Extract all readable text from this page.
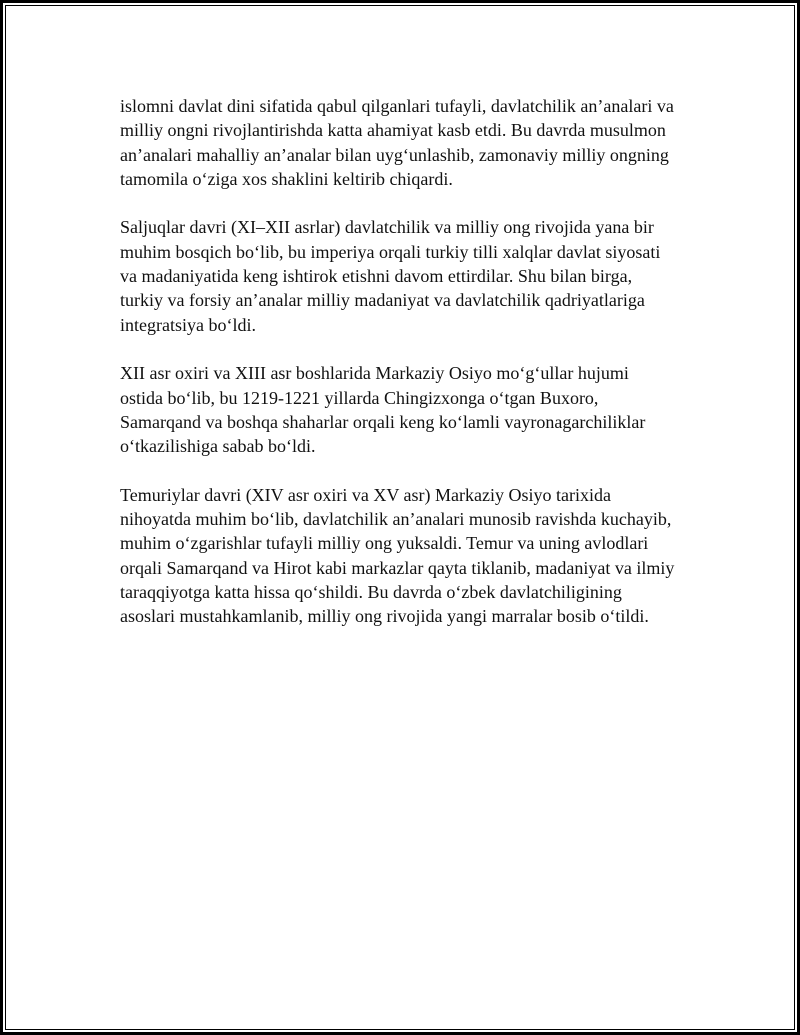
islomni davlat dini sifatida qabul qilganlari tufayli, davlatchilik an’analari va
milliy ongni rivojlantirishda katta ahamiyat kasb etdi. Bu davrda musulmon
an’analari mahalliy an’analar bilan uyg‘unlashib, zamonaviy milliy ongning
tamomila o‘ziga xos shaklini keltirib chiqardi.

Saljuqlar davri (XI–XII asrlar) davlatchilik va milliy ong rivojida yana bir
muhim bosqich bo‘lib, bu imperiya orqali turkiy tilli xalqlar davlat siyosati
va madaniyatida keng ishtirok etishni davom ettirdilar. Shu bilan birga,
turkiy va forsiy an’analar milliy madaniyat va davlatchilik qadriyatlariga
integratsiya bo‘ldi.

XII asr oxiri va XIII asr boshlarida Markaziy Osiyo mo‘g‘ullar hujumi
ostida bo‘lib, bu 1219-1221 yillarda Chingizxonga o‘tgan Buxoro,
Samarqand va boshqa shaharlar orqali keng ko‘lamli vayronagarchiliklar
o‘tkazilishiga sabab bo‘ldi.

Temuriylar davri (XIV asr oxiri va XV asr) Markaziy Osiyo tarixida
nihoyatda muhim bo‘lib, davlatchilik an’analari munosib ravishda kuchayib,
muhim o‘zgarishlar tufayli milliy ong yuksaldi. Temur va uning avlodlari
orqali Samarqand va Hirot kabi markazlar qayta tiklanib, madaniyat va ilmiy
taraqqiyotga katta hissa qo‘shildi. Bu davrda o‘zbek davlatchiligining
asoslari mustahkamlanib, milliy ong rivojida yangi marralar bosib o‘tildi.
